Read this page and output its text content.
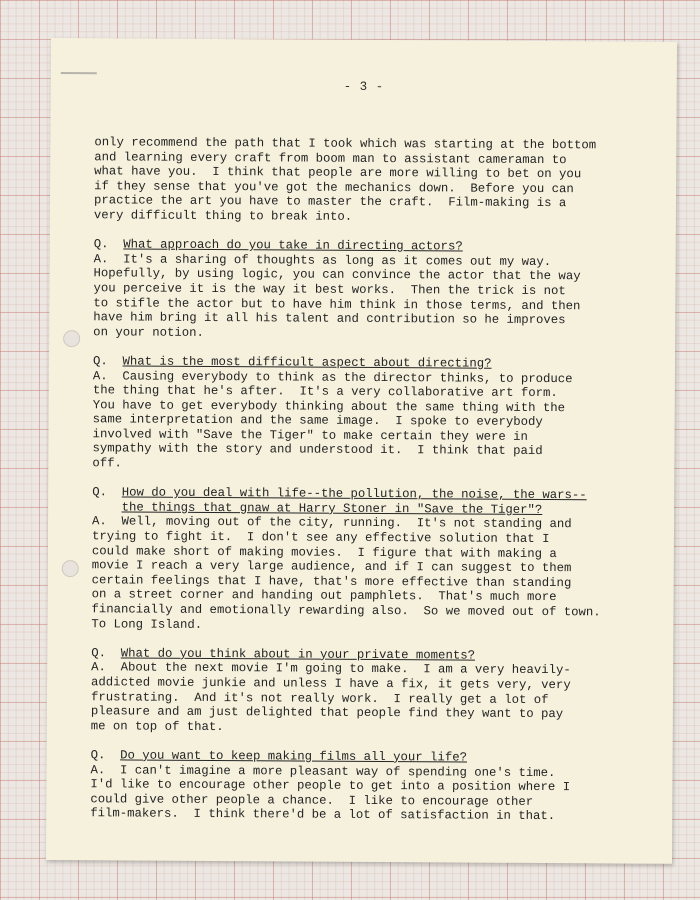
- 3 -
only recommend the path that I took which was starting at the bottom
and learning every craft from boom man to assistant cameraman to
what have you.  I think that people are more willing to bet on you
if they sense that you've got the mechanics down.  Before you can
practice the art you have to master the craft.  Film-making is a
very difficult thing to break into.
Q.  What approach do you take in directing actors?
A.  It's a sharing of thoughts as long as it comes out my way.
Hopefully, by using logic, you can convince the actor that the way
you perceive it is the way it best works.  Then the trick is not
to stifle the actor but to have him think in those terms, and then
have him bring it all his talent and contribution so he improves
on your notion.
Q.  What is the most difficult aspect about directing?
A.  Causing everybody to think as the director thinks, to produce
the thing that he's after.  It's a very collaborative art form.
You have to get everybody thinking about the same thing with the
same interpretation and the same image.  I spoke to everybody
involved with "Save the Tiger" to make certain they were in
sympathy with the story and understood it.  I think that paid
off.
Q.  How do you deal with life--the pollution, the noise, the wars--
the things that gnaw at Harry Stoner in "Save the Tiger"?
A.  Well, moving out of the city, running.  It's not standing and
trying to fight it.  I don't see any effective solution that I
could make short of making movies.  I figure that with making a
movie I reach a very large audience, and if I can suggest to them
certain feelings that I have, that's more effective than standing
on a street corner and handing out pamphlets.  That's much more
financially and emotionally rewarding also.  So we moved out of town.
To Long Island.
Q.  What do you think about in your private moments?
A.  About the next movie I'm going to make.  I am a very heavily-
addicted movie junkie and unless I have a fix, it gets very, very
frustrating.  And it's not really work.  I really get a lot of
pleasure and am just delighted that people find they want to pay
me on top of that.
Q.  Do you want to keep making films all your life?
A.  I can't imagine a more pleasant way of spending one's time.
I'd like to encourage other people to get into a position where I
could give other people a chance.  I like to encourage other
film-makers.  I think there'd be a lot of satisfaction in that.
